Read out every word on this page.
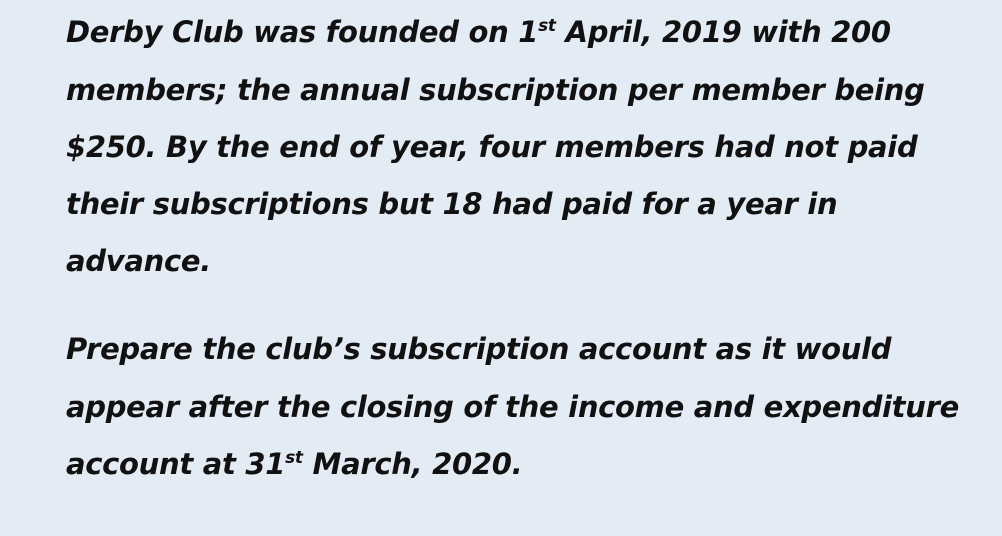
Derby Club was founded on 1st April, 2019 with 200
members; the annual subscription per member being
$250. By the end of year, four members had not paid
their subscriptions but 18 had paid for a year in
advance.
Prepare the club’s subscription account as it would
appear after the closing of the income and expenditure
account at 31st March, 2020.
